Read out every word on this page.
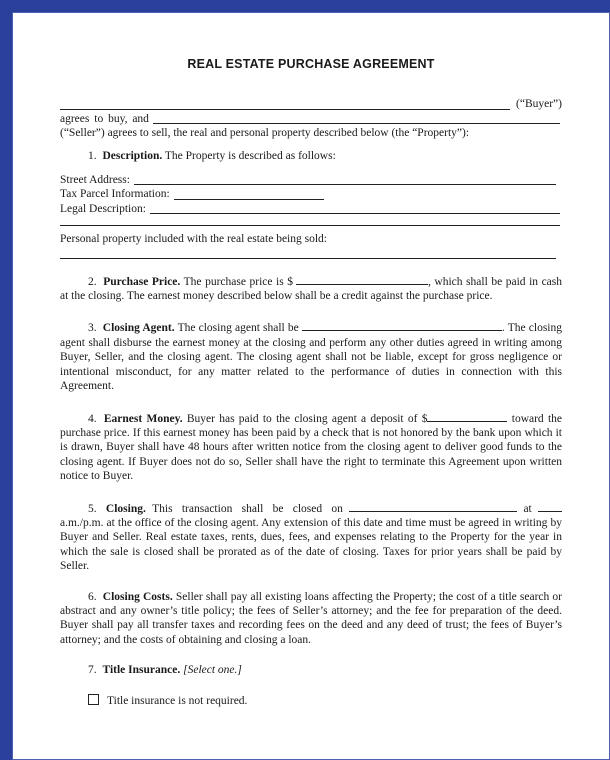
REAL ESTATE PURCHASE AGREEMENT
(“Buyer”)
agrees to buy, and

(“Seller”) agrees to sell, the real and personal property described below (the “Property”):

1. Description. The Property is described as follows:

Street Address:
Tax Parcel Information:
Legal Description:

Personal property included with the real estate being sold:

2. Purchase Price. The purchase price is $	, which shall be paid in cash at the closing. The earnest money described below shall be a credit against the purchase price.

3. Closing Agent. The closing agent shall be	. The closing agent shall disburse the earnest money at the closing and perform any other duties agreed in writing among Buyer, Seller, and the closing agent. The closing agent shall not be liable, except for gross negligence or intentional misconduct, for any matter related to the performance of duties in connection with this Agreement.

4. Earnest Money. Buyer has paid to the closing agent a deposit of $	toward the purchase price. If this earnest money has been paid by a check that is not honored by the bank upon which it is drawn, Buyer shall have 48 hours after written notice from the closing agent to deliver good funds to the closing agent. If Buyer does not do so, Seller shall have the right to terminate this Agreement upon written notice to Buyer.

5. Closing. This transaction shall be closed on	at  a.m./p.m. at the office of the closing agent. Any extension of this date and time must be agreed in writing by Buyer and Seller. Real estate taxes, rents, dues, fees, and expenses relating to the Property for the year in which the sale is closed shall be prorated as of the date of closing. Taxes for prior years shall be paid by Seller.

6. Closing Costs. Seller shall pay all existing loans affecting the Property; the cost of a title search or abstract and any owner’s title policy; the fees of Seller’s attorney; and the fee for preparation of the deed. Buyer shall pay all transfer taxes and recording fees on the deed and any deed of trust; the fees of Buyer’s attorney; and the costs of obtaining and closing a loan.

7. Title Insurance. [Select one.]

Title insurance is not required.
